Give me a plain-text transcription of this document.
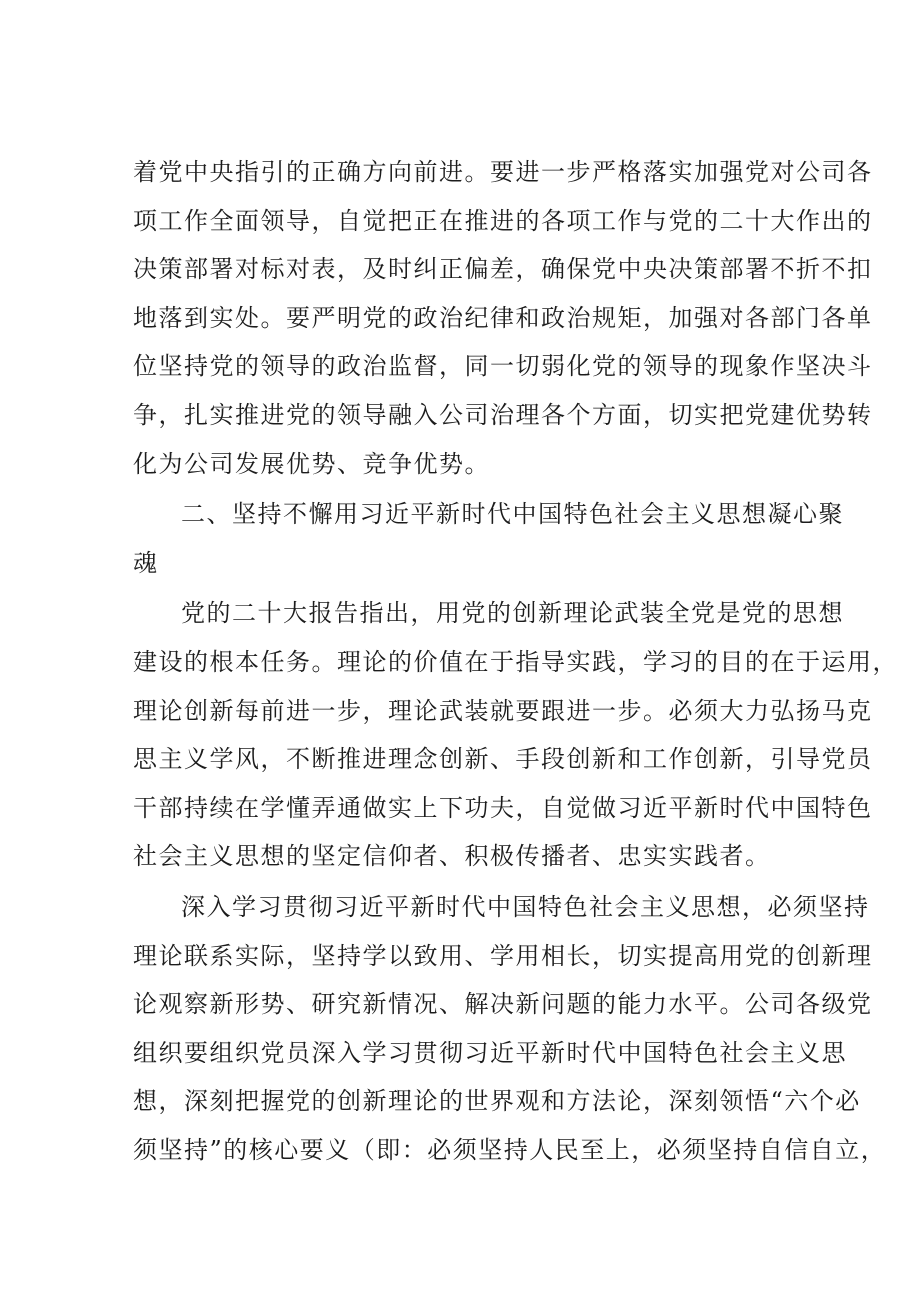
着党中央指引的正确方向前进。要进一步严格落实加强党对公司各
项工作全面领导，自觉把正在推进的各项工作与党的二十大作出的
决策部署对标对表，及时纠正偏差，确保党中央决策部署不折不扣
地落到实处。要严明党的政治纪律和政治规矩，加强对各部门各单
位坚持党的领导的政治监督，同一切弱化党的领导的现象作坚决斗
争，扎实推进党的领导融入公司治理各个方面，切实把党建优势转
化为公司发展优势、竞争优势。
二、坚持不懈用习近平新时代中国特色社会主义思想凝心聚
魂
党的二十大报告指出，用党的创新理论武装全党是党的思想
建设的根本任务。理论的价值在于指导实践，学习的目的在于运用，
理论创新每前进一步，理论武装就要跟进一步。必须大力弘扬马克
思主义学风，不断推进理念创新、手段创新和工作创新，引导党员
干部持续在学懂弄通做实上下功夫，自觉做习近平新时代中国特色
社会主义思想的坚定信仰者、积极传播者、忠实实践者。
深入学习贯彻习近平新时代中国特色社会主义思想，必须坚持
理论联系实际，坚持学以致用、学用相长，切实提高用党的创新理
论观察新形势、研究新情况、解决新问题的能力水平。公司各级党
组织要组织党员深入学习贯彻习近平新时代中国特色社会主义思
想，深刻把握党的创新理论的世界观和方法论，深刻领悟“六个必
须坚持”的核心要义（即：必须坚持人民至上，必须坚持自信自立，
